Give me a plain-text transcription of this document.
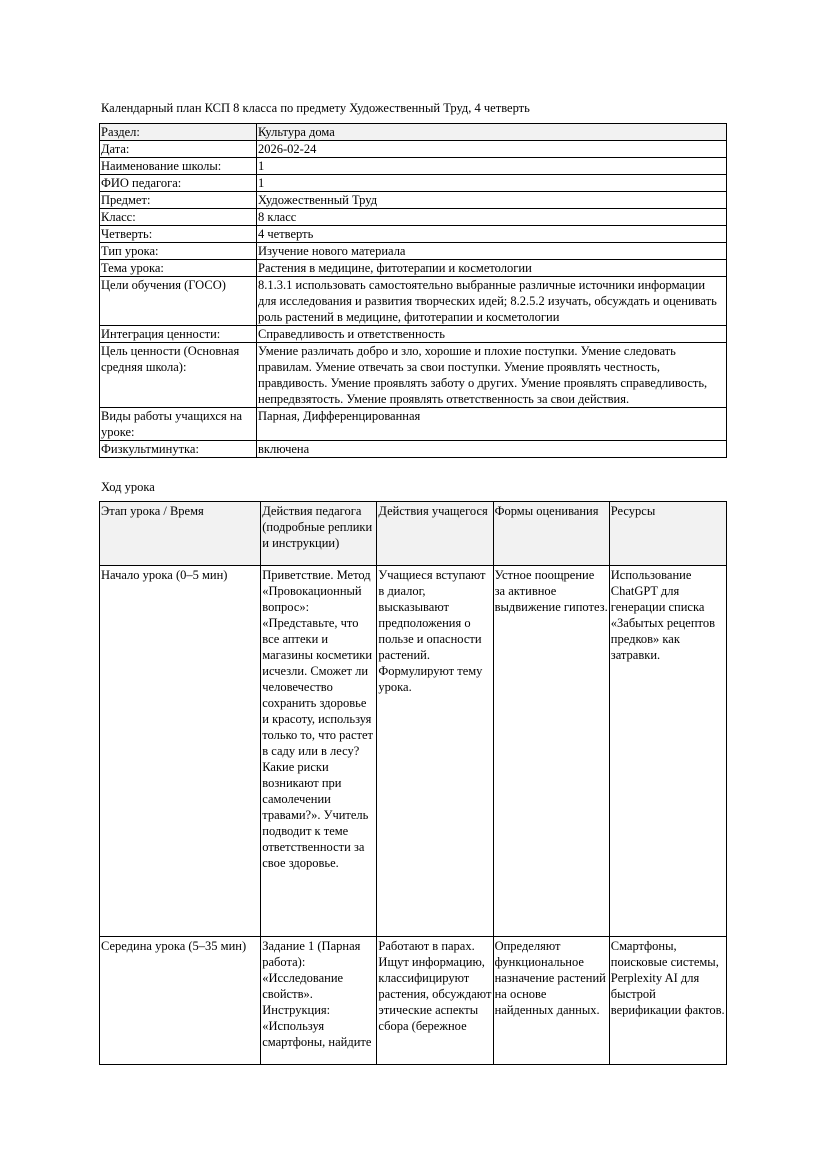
Календарный план КСП 8 класса по предмету Художественный Труд, 4 четверть
Раздел:	Культура дома
Дата:	2026-02-24
Наименование школы:	1
ФИО педагога:	1
Предмет:	Художественный Труд
Класс:	8 класс
Четверть:	4 четверть
Тип урока:	Изучение нового материала
Тема урока:	Растения в медицине, фитотерапии и косметологии
Цели обучения (ГОСО)	8.1.3.1 использовать самостоятельно выбранные различные источники информации для исследования и развития творческих идей; 8.2.5.2 изучать, обсуждать и оценивать роль растений в медицине, фитотерапии и косметологии
Интеграция ценности:	Справедливость и ответственность
Цель ценности (Основная средняя школа):	Умение различать добро и зло, хорошие и плохие поступки. Умение следовать правилам. Умение отвечать за свои поступки. Умение проявлять честность, правдивость. Умение проявлять заботу о других. Умение проявлять справедливость, непредвзятость. Умение проявлять ответственность за свои действия.
Виды работы учащихся на уроке:	Парная, Дифференцированная
Физкультминутка:	включена
Ход урока
Этап урока / Время	Действия педагога (подробные реплики и инструкции)	Действия учащегося	Формы оценивания	Ресурсы
Начало урока (0–5 мин)	Приветствие. Метод «Провокационный вопрос»: «Представьте, что все аптеки и магазины косметики исчезли. Сможет ли человечество сохранить здоровье и красоту, используя только то, что растет в саду или в лесу? Какие риски возникают при самолечении травами?». Учитель подводит к теме ответственности за свое здоровье.	Учащиеся вступают в диалог, высказывают предположения о пользе и опасности растений. Формулируют тему урока.	Устное поощрение за активное выдвижение гипотез.	Использование ChatGPT для генерации списка «Забытых рецептов предков» как затравки.
Середина урока (5–35 мин)	Задание 1 (Парная работа): «Исследование свойств». Инструкция: «Используя смартфоны, найдите	Работают в парах. Ищут информацию, классифицируют растения, обсуждают этические аспекты сбора (бережное	Определяют функциональное назначение растений на основе найденных данных.	Смартфоны, поисковые системы, Perplexity AI для быстрой верификации фактов.
